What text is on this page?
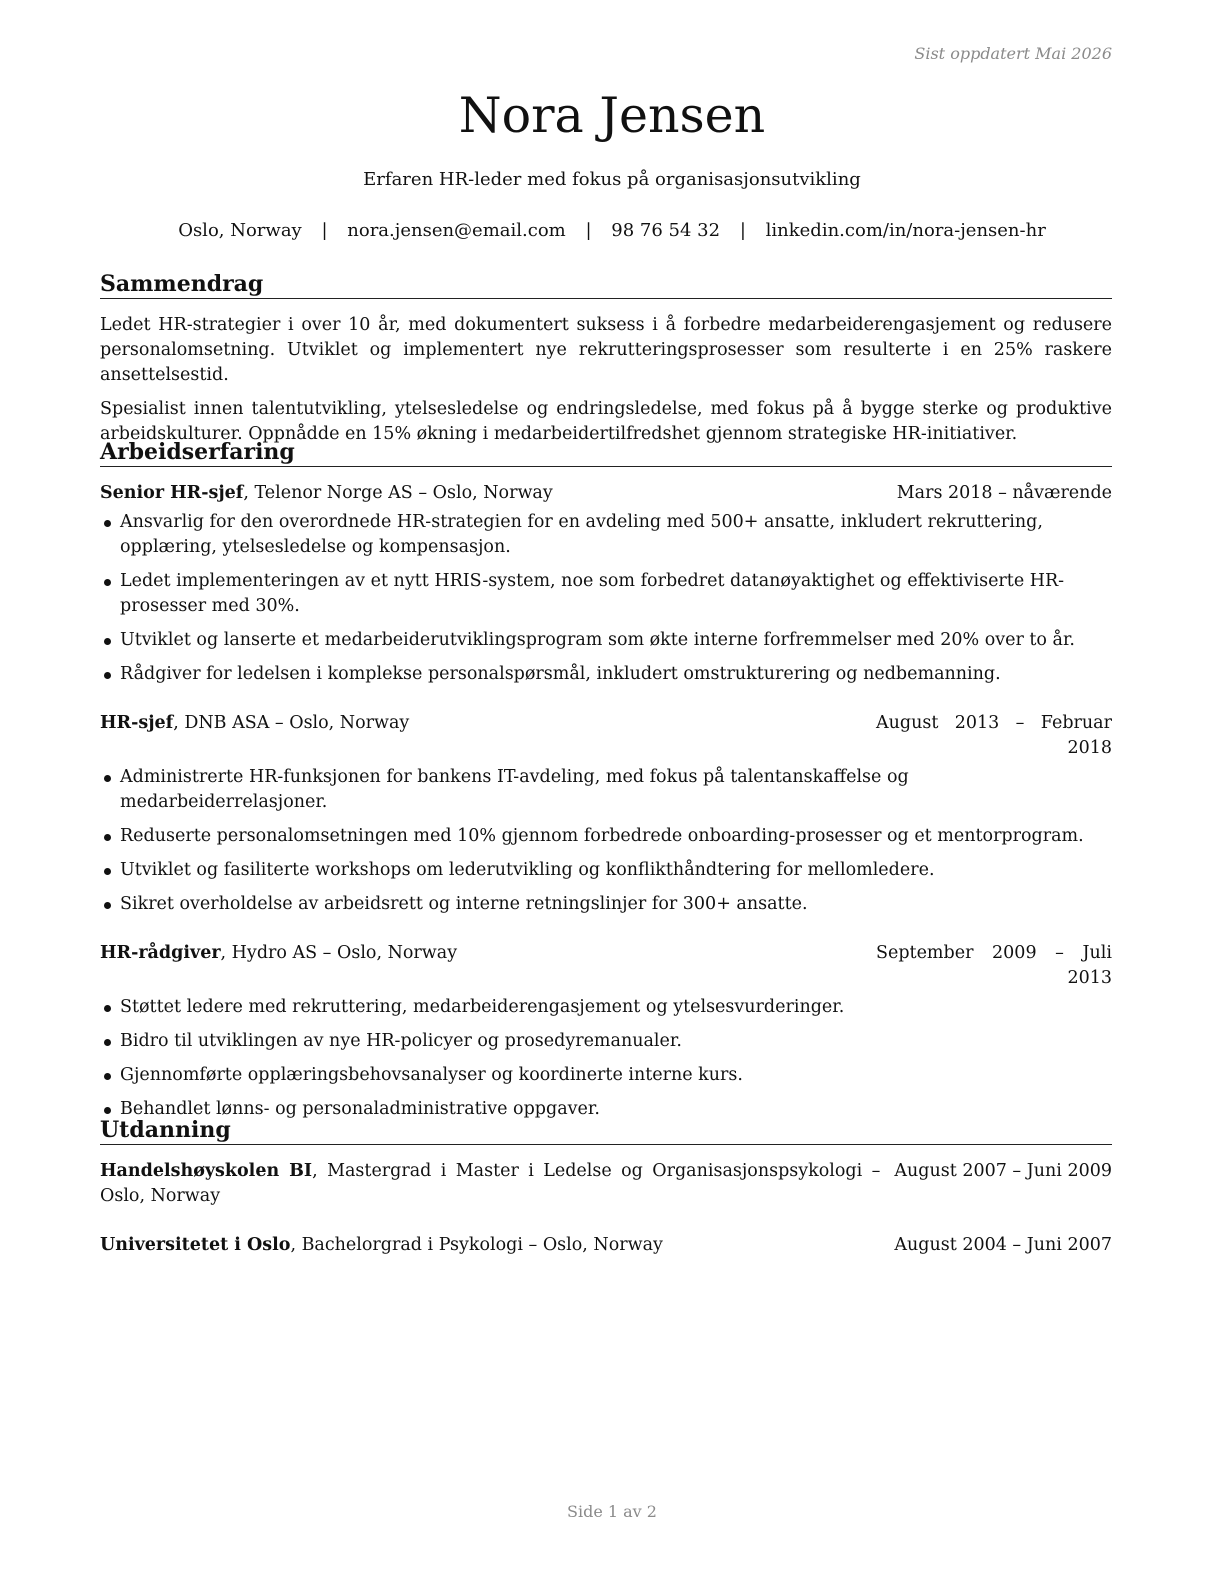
Sist oppdatert Mai 2026
Nora Jensen
Erfaren HR-leder med fokus på organisasjonsutvikling
Oslo, Norway | nora.jensen@email.com | 98 76 54 32 | linkedin.com/in/nora-jensen-hr
Sammendrag

Ledet HR-strategier i over 10 år, med dokumentert suksess i å forbedre medarbeiderengasjement og redusere personalomsetning. Utviklet og implementert nye rekrutteringsprosesser som resulterte i en 25% raskere ansettelsestid.

Spesialist innen talentutvikling, ytelsesledelse og endringsledelse, med fokus på å bygge sterke og produktive arbeidskulturer. Oppnådde en 15% økning i medarbeidertilfredshet gjennom strategiske HR-initiativer.

Arbeidserfaring
Senior HR-sjef, Telenor Norge AS – Oslo, Norway	Mars 2018 – nåværende
Ansvarlig for den overordnede HR-strategien for en avdeling med 500+ ansatte, inkludert rekruttering, opplæring, ytelsesledelse og kompensasjon.
Ledet implementeringen av et nytt HRIS-system, noe som forbedret datanøyaktighet og effektiviserte HR-prosesser med 30%.
Utviklet og lanserte et medarbeiderutviklingsprogram som økte interne forfremmelser med 20% over to år.
Rådgiver for ledelsen i komplekse personalspørsmål, inkludert omstrukturering og nedbemanning.
HR-sjef, DNB ASA – Oslo, Norway	August 2013 – Februar 2018
Administrerte HR-funksjonen for bankens IT-avdeling, med fokus på talentanskaffelse og medarbeiderrelasjoner.
Reduserte personalomsetningen med 10% gjennom forbedrede onboarding-prosesser og et mentorprogram.
Utviklet og fasiliterte workshops om lederutvikling og konflikthåndtering for mellomledere.
Sikret overholdelse av arbeidsrett og interne retningslinjer for 300+ ansatte.
HR-rådgiver, Hydro AS – Oslo, Norway	September 2009 – Juli 2013
Støttet ledere med rekruttering, medarbeiderengasjement og ytelsesvurderinger.
Bidro til utviklingen av nye HR-policyer og prosedyremanualer.
Gjennomførte opplæringsbehovsanalyser og koordinerte interne kurs.
Behandlet lønns- og personaladministrative oppgaver.
Utdanning
Handelshøyskolen BI, Mastergrad i Master i Ledelse og Organisasjonspsykologi – Oslo, Norway
August 2007 – Juni 2009
Universitetet i Oslo, Bachelorgrad i Psykologi – Oslo, Norway	August 2004 – Juni 2007
Side 1 av 2
